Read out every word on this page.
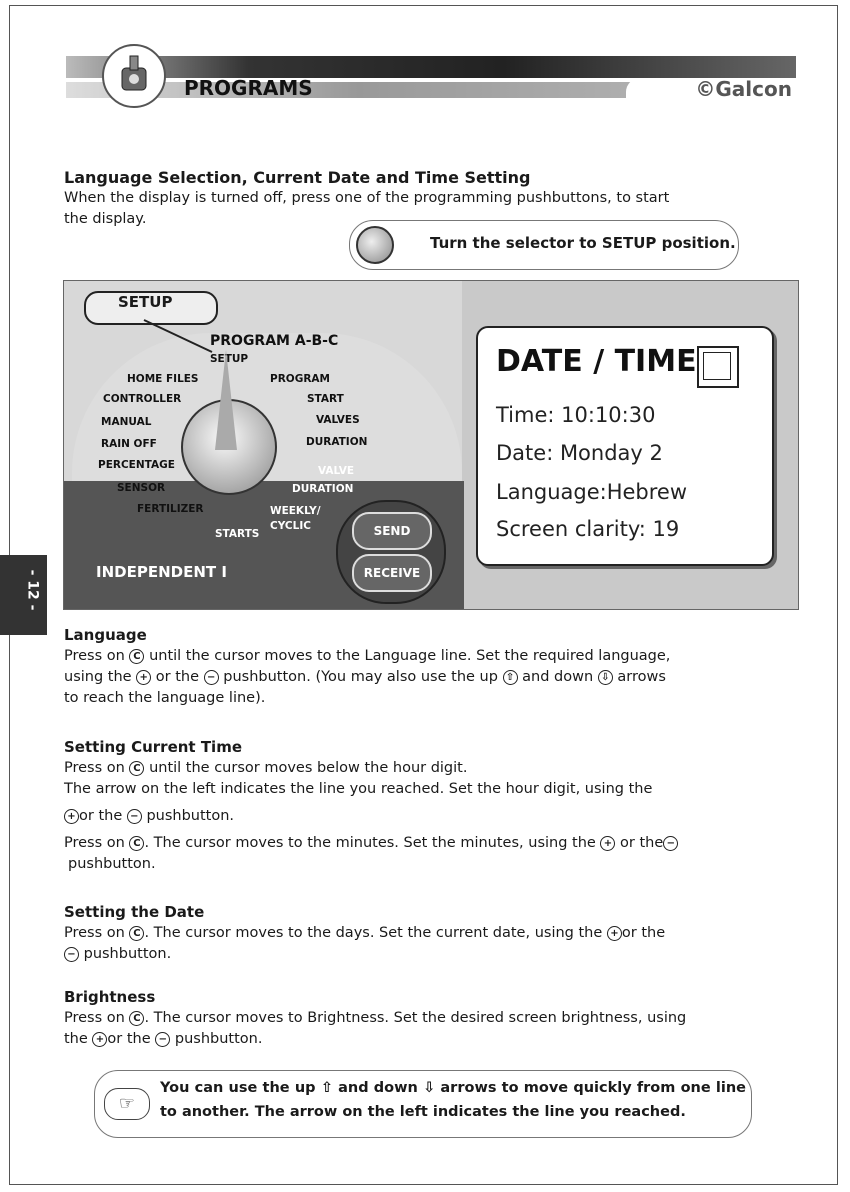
PROGRAMS	©Galcon
Language Selection, Current Date and Time Setting
When the display is turned off, press one of the programming pushbuttons, to start
the display.
Turn the selector to SETUP position.
SETUP
PROGRAM A-B-C
SETUP
HOME FILES
CONTROLLER
MANUAL
RAIN OFF
PERCENTAGE
SENSOR
FERTILIZER
PROGRAM
START
VALVES
DURATION
VALVE
DURATION
WEEKLY/
CYCLIC
STARTS	SEND
RECEIVE
INDEPENDENT I
DATE / TIME
Time: 10:10:30
Date: Monday 2
Language:Hebrew
Screen clarity: 19
- 12 -
Language
Press on C until the cursor moves to the Language line. Set the required language,
using the + or the − pushbutton. (You may also use the up ⇧ and down ⇩ arrows
to reach the language line).
Setting Current Time
Press on C until the cursor moves below the hour digit.
The arrow on the left indicates the line you reached. Set the hour digit, using the
+ or the − pushbutton.
Press on C . The cursor moves to the minutes. Set the minutes, using the + or the −
pushbutton.
Setting the Date
Press on C . The cursor moves to the days. Set the current date, using the + or the
− pushbutton.
Brightness
Press on C . The cursor moves to Brightness. Set the desired screen brightness, using
the + or the − pushbutton.
☞
You can use the up ⇧ and down ⇩ arrows to move quickly from one line to another. The arrow on the left indicates the line you reached.
